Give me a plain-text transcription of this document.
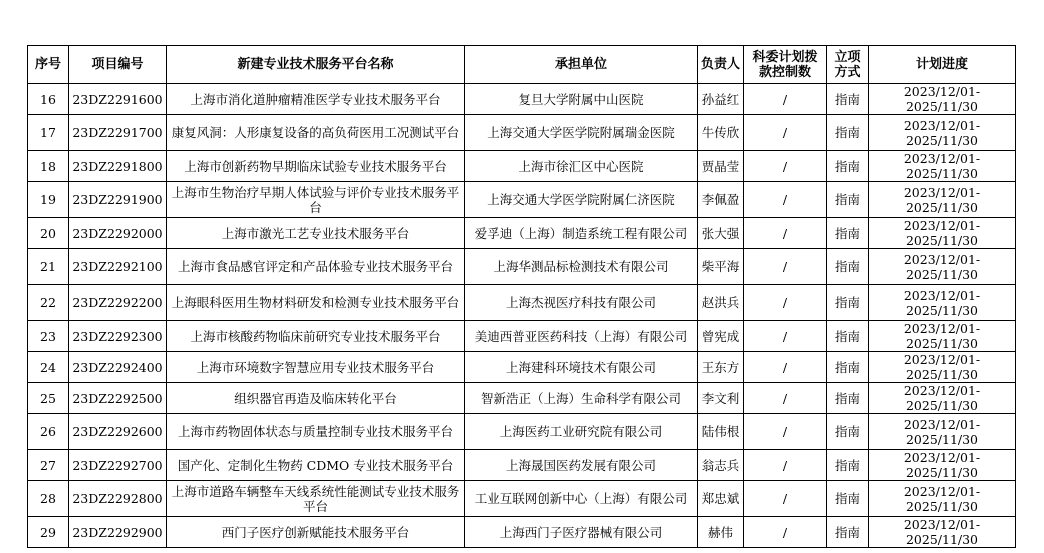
序号	项目编号	新建专业技术服务平台名称	承担单位	负责人	科委计划拨款控制数	立项方式	计划进度
16	23DZ2291600	上海市消化道肿瘤精准医学专业技术服务平台	复旦大学附属中山医院	孙益红	/	指南	2023/12/01-2025/11/30
17	23DZ2291700	康复风洞：人形康复设备的高负荷医用工况测试平台	上海交通大学医学院附属瑞金医院	牛传欣	/	指南	2023/12/01-2025/11/30
18	23DZ2291800	上海市创新药物早期临床试验专业技术服务平台	上海市徐汇区中心医院	贾晶莹	/	指南	2023/12/01-2025/11/30
19	23DZ2291900	上海市生物治疗早期人体试验与评价专业技术服务平台	上海交通大学医学院附属仁济医院	李佩盈	/	指南	2023/12/01-2025/11/30
20	23DZ2292000	上海市激光工艺专业技术服务平台	爱孚迪（上海）制造系统工程有限公司	张大强	/	指南	2023/12/01-2025/11/30
21	23DZ2292100	上海市食品感官评定和产品体验专业技术服务平台	上海华测品标检测技术有限公司	柴平海	/	指南	2023/12/01-2025/11/30
22	23DZ2292200	上海眼科医用生物材料研发和检测专业技术服务平台	上海杰视医疗科技有限公司	赵洪兵	/	指南	2023/12/01-2025/11/30
23	23DZ2292300	上海市核酸药物临床前研究专业技术服务平台	美迪西普亚医药科技（上海）有限公司	曾宪成	/	指南	2023/12/01-2025/11/30
24	23DZ2292400	上海市环境数字智慧应用专业技术服务平台	上海建科环境技术有限公司	王东方	/	指南	2023/12/01-2025/11/30
25	23DZ2292500	组织器官再造及临床转化平台	智新浩正（上海）生命科学有限公司	李文利	/	指南	2023/12/01-2025/11/30
26	23DZ2292600	上海市药物固体状态与质量控制专业技术服务平台	上海医药工业研究院有限公司	陆伟根	/	指南	2023/12/01-2025/11/30
27	23DZ2292700	国产化、定制化生物药 CDMO 专业技术服务平台	上海晟国医药发展有限公司	翁志兵	/	指南	2023/12/01-2025/11/30
28	23DZ2292800	上海市道路车辆整车天线系统性能测试专业技术服务平台	工业互联网创新中心（上海）有限公司	郑忠斌	/	指南	2023/12/01-2025/11/30
29	23DZ2292900	西门子医疗创新赋能技术服务平台	上海西门子医疗器械有限公司	赫伟	/	指南	2023/12/01-2025/11/30
